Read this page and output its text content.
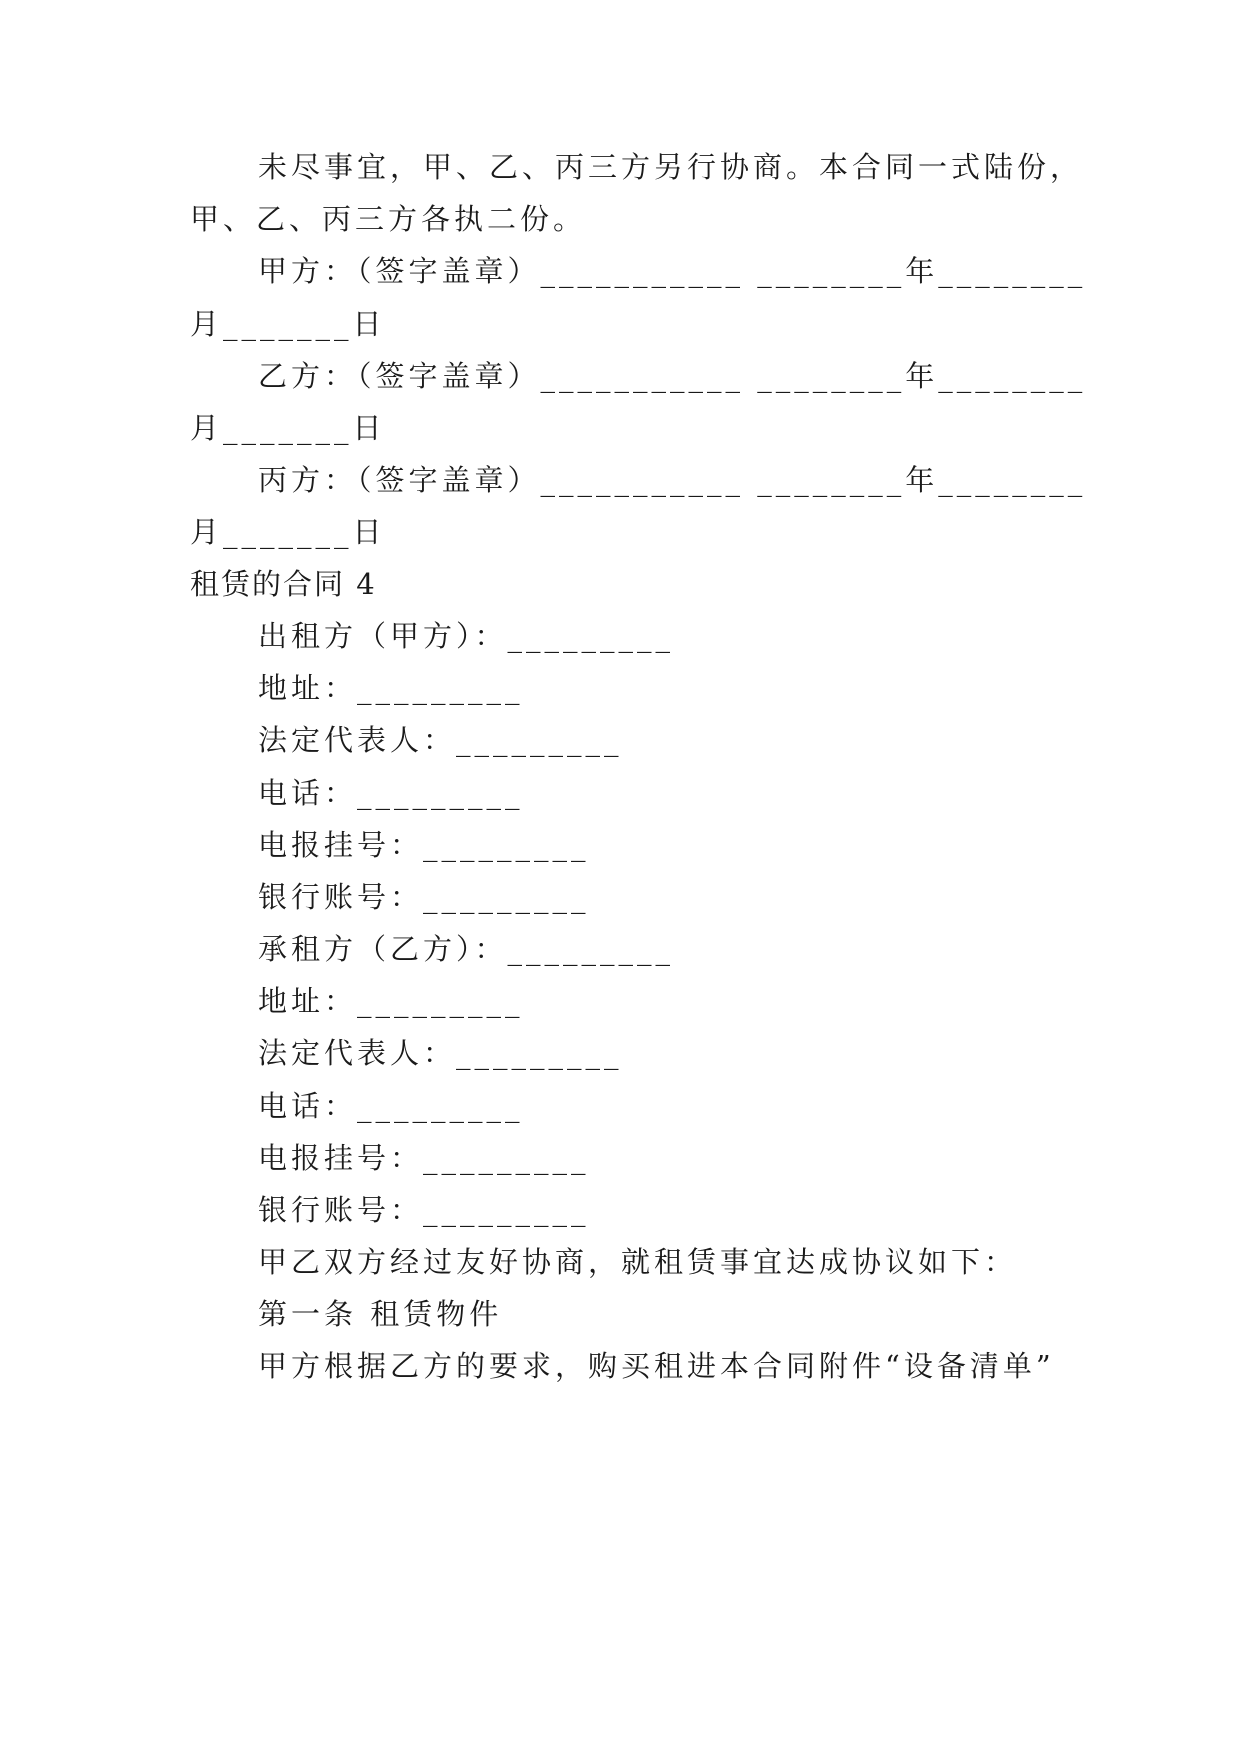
未尽事宜，甲、乙、丙三方另行协商。本合同一式陆份，
甲、乙、丙三方各执二份。
甲方：（签字盖章）___________ ________年________
月_______日
乙方：（签字盖章）___________ ________年________
月_______日
丙方：（签字盖章）___________ ________年________
月_______日
租赁的合同 4
出租方（甲方）：_________
地址：_________
法定代表人：_________
电话：_________
电报挂号：_________
银行账号：_________
承租方（乙方）：_________
地址：_________
法定代表人：_________
电话：_________
电报挂号：_________
银行账号：_________
甲乙双方经过友好协商，就租赁事宜达成协议如下：
第一条 租赁物件
甲方根据乙方的要求，购买租进本合同附件“设备清单”
